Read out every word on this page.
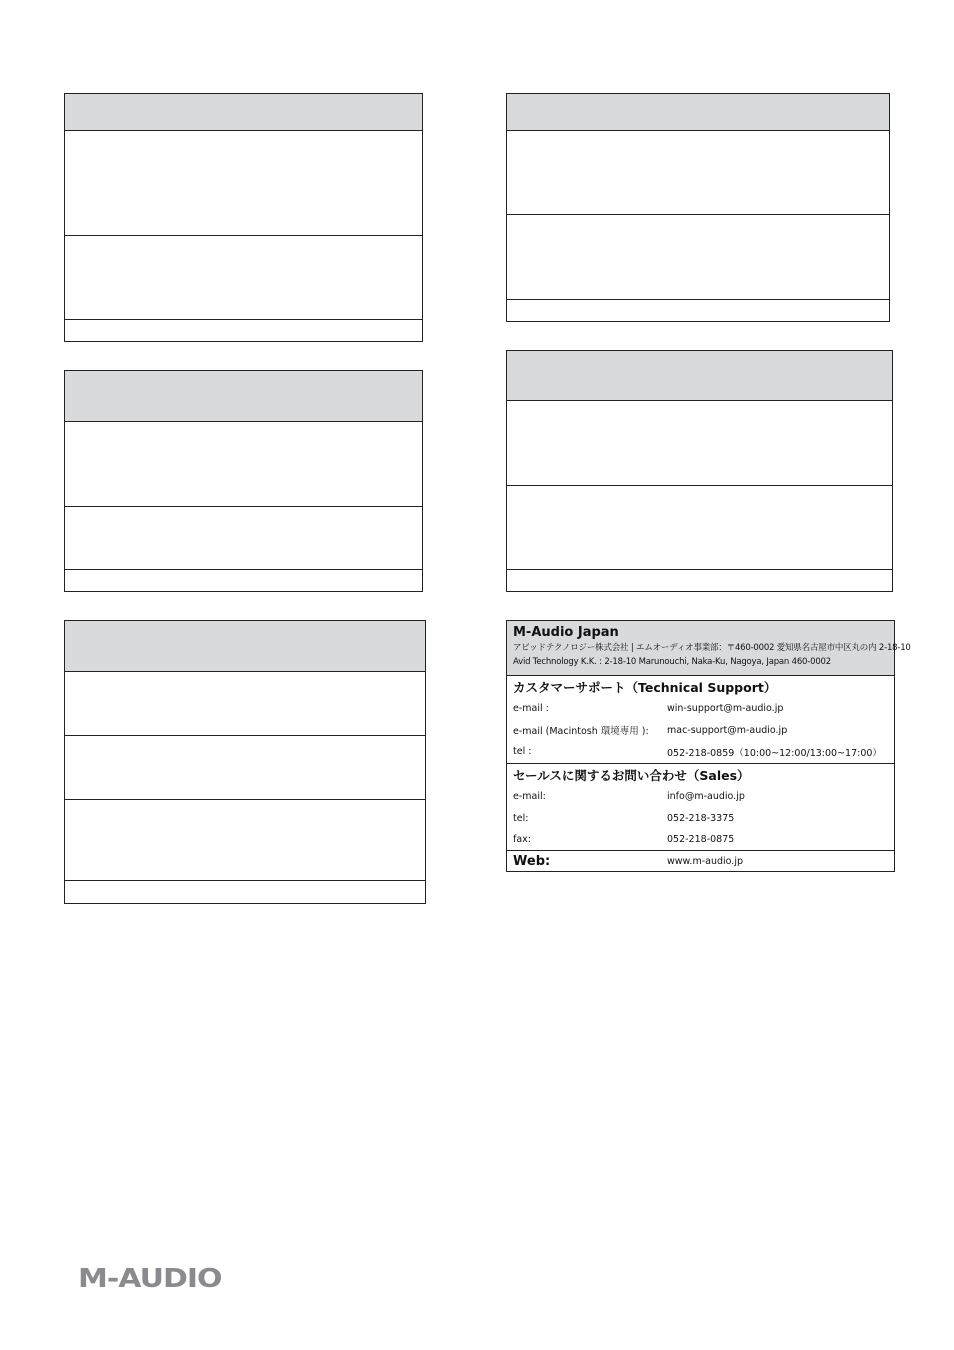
M-Audio Japan
アビッドテクノロジー株式会社 | エムオーディオ事業部：〒460-0002 愛知県名古屋市中区丸の内 2-18-10
Avid Technology K.K. : 2-18-10 Marunouchi, Naka-Ku, Nagoya, Japan 460-0002
カスタマーサポート（Technical Support）
e-mail :	win-support@m-audio.jp
e-mail (Macintosh 環境専用 ):	mac-support@m-audio.jp
tel :	052-218-0859（10:00~12:00/13:00~17:00）
セールスに関するお問い合わせ（Sales）
e-mail:	info@m-audio.jp
tel:	052-218-3375
fax:	052-218-0875
Web:	www.m-audio.jp
M-AUDIO
